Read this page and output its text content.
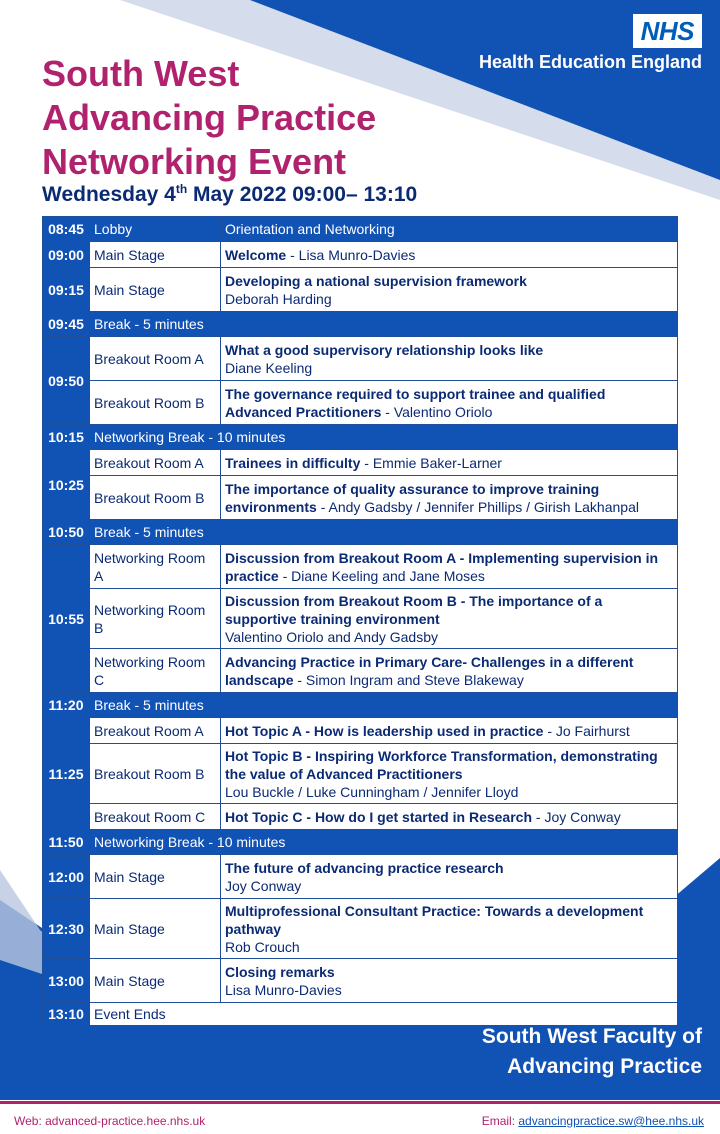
NHS
Health Education England
South West
Advancing Practice
Networking Event
Wednesday 4th May 2022 09:00– 13:10
08:45	Lobby	Orientation and Networking
09:00	Main Stage	Welcome - Lisa Munro-Davies
09:15	Main Stage	Developing a national supervision framework
Deborah Harding
09:45	Break - 5 minutes	
09:50	Breakout Room A	What a good supervisory relationship looks like
Diane Keeling
	Breakout Room B	The governance required to support trainee and qualified Advanced Practitioners - Valentino Oriolo
10:15	Networking Break - 10 minutes	
10:25	Breakout Room A	Trainees in difficulty - Emmie Baker-Larner
	Breakout Room B	The importance of quality assurance to improve training environments - Andy Gadsby / Jennifer Phillips / Girish Lakhanpal
10:50	Break - 5 minutes	
10:55	Networking Room A	Discussion from Breakout Room A - Implementing supervision in practice - Diane Keeling and Jane Moses
	Networking Room B	Discussion from Breakout Room B - The importance of a supportive training environment
Valentino Oriolo and Andy Gadsby
	Networking Room C	Advancing Practice in Primary Care- Challenges in a different landscape - Simon Ingram and Steve Blakeway
11:20	Break - 5 minutes	
11:25	Breakout Room A	Hot Topic A - How is leadership used in practice - Jo Fairhurst
	Breakout Room B	Hot Topic B - Inspiring Workforce Transformation, demonstrating the value of Advanced Practitioners
Lou Buckle / Luke Cunningham / Jennifer Lloyd
	Breakout Room C	Hot Topic C - How do I get started in Research - Joy Conway
11:50	Networking Break - 10 minutes	
12:00	Main Stage	The future of advancing practice research
Joy Conway
12:30	Main Stage	Multiprofessional Consultant Practice: Towards a development pathway
Rob Crouch
13:00	Main Stage	Closing remarks
Lisa Munro-Davies
13:10	Event Ends	
South West Faculty of
Advancing Practice
Web: advanced-practice.hee.nhs.uk	Email: advancingpractice.sw@hee.nhs.uk
